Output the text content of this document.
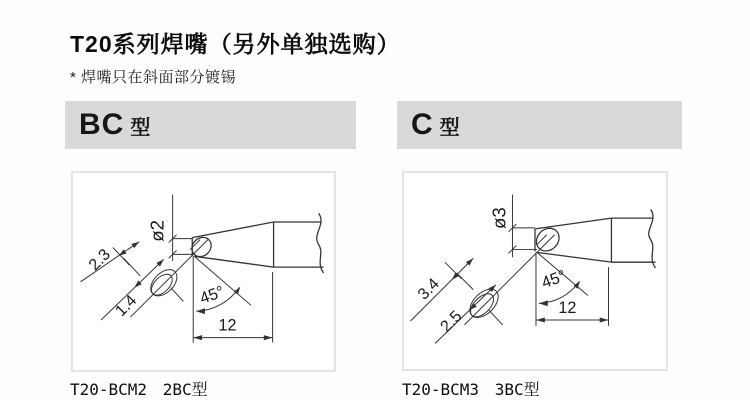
T20系列焊嘴（另外单独选购）
* 焊嘴只在斜面部分镀锡
BC 型	C 型
ø2
2.3
1.4	45°
12
ø3
3.4
2.5
45°
12
T20-BCM2 2BC型	T20-BCM3 3BC型
